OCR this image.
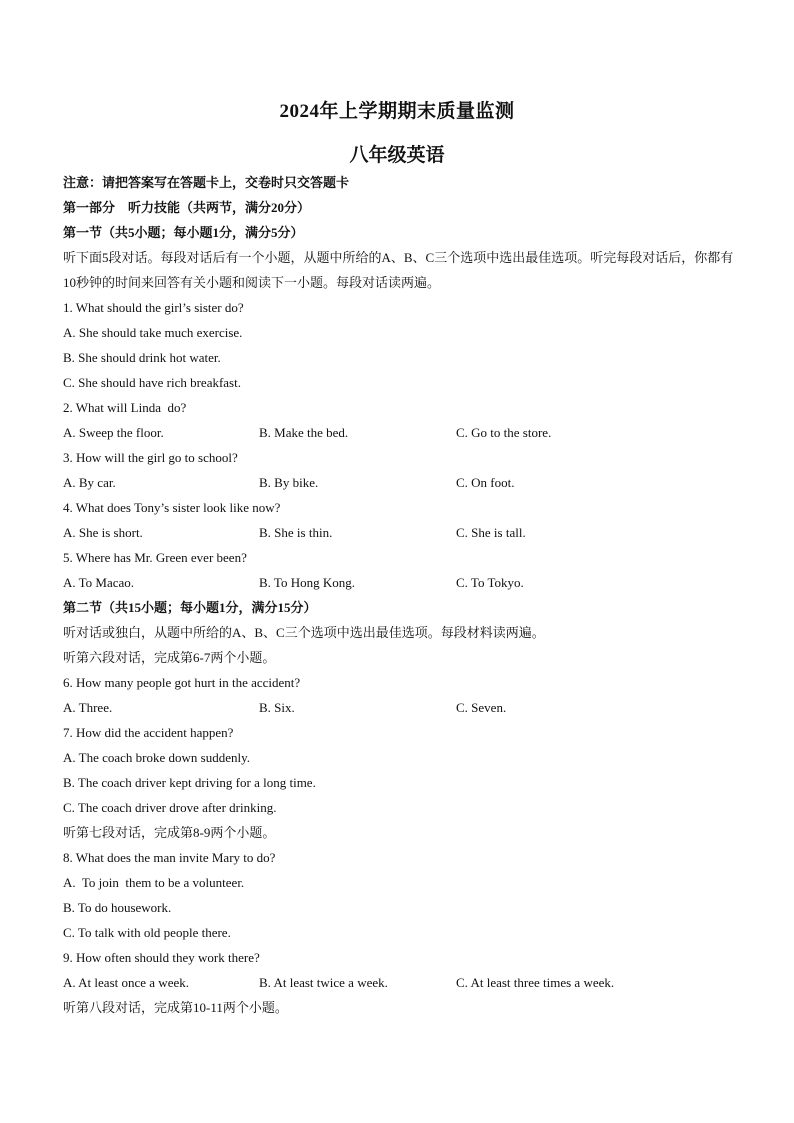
2024年上学期期末质量监测
八年级英语
注意：请把答案写在答题卡上，交卷时只交答题卡
第一部分    听力技能（共两节，满分20分）
第一节（共5小题；每小题1分，满分5分）
听下面5段对话。每段对话后有一个小题，从题中所给的A、B、C三个选项中选出最佳选项。听完每段对话后，你都有10秒钟的时间来回答有关小题和阅读下一小题。每段对话读两遍。
1. What should the girl’s sister do?
A. She should take much exercise.
B. She should drink hot water.
C. She should have rich breakfast.
2. What will Linda  do?
A. Sweep the floor.	B. Make the bed.	C. Go to the store.
3. How will the girl go to school?
A. By car.	B. By bike.	C. On foot.
4. What does Tony’s sister look like now?
A. She is short.	B. She is thin.	C. She is tall.
5. Where has Mr. Green ever been?
A. To Macao.	B. To Hong Kong.	C. To Tokyo.
第二节（共15小题；每小题1分，满分15分）
听对话或独白，从题中所给的A、B、C三个选项中选出最佳选项。每段材料读两遍。
听第六段对话，完成第6-7两个小题。
6. How many people got hurt in the accident?
A. Three.	B. Six.	C. Seven.
7. How did the accident happen?
A. The coach broke down suddenly.
B. The coach driver kept driving for a long time.
C. The coach driver drove after drinking.
听第七段对话，完成第8-9两个小题。
8. What does the man invite Mary to do?
A.  To join  them to be a volunteer.
B. To do housework.
C. To talk with old people there.
9. How often should they work there?
A. At least once a week.	B. At least twice a week.	C. At least three times a week.
听第八段对话，完成第10-11两个小题。
